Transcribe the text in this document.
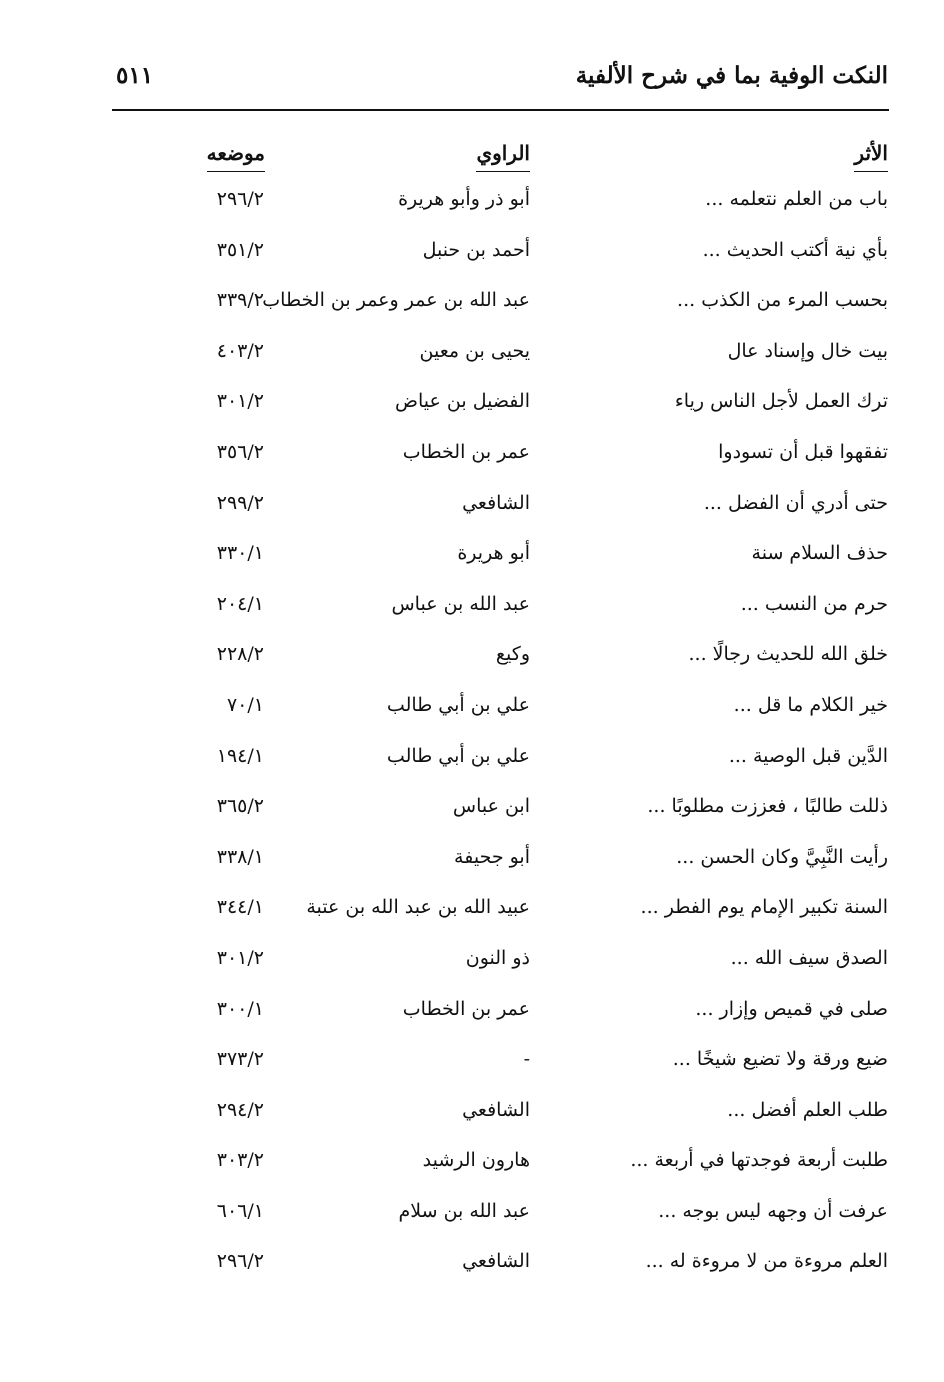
النكت الوفية بما في شرح الألفية
٥١١
الأثر
الراوي
موضعه
باب من العلم نتعلمه ...
أبو ذر وأبو هريرة
٢٩٦/٢
بأي نية أكتب الحديث ...
أحمد بن حنبل
٣٥١/٢
بحسب المرء من الكذب ...
عبد الله بن عمر وعمر بن الخطاب
٣٣٩/٢
بيت خال وإسناد عال
يحيى بن معين
٤٠٣/٢
ترك العمل لأجل الناس رياء
الفضيل بن عياض
٣٠١/٢
تفقهوا قبل أن تسودوا
عمر بن الخطاب
٣٥٦/٢
حتى أدري أن الفضل ...
الشافعي
٢٩٩/٢
حذف السلام سنة
أبو هريرة
٣٣٠/١
حرم من النسب ...
عبد الله بن عباس
٢٠٤/١
خلق الله للحديث رجالًا ...
وكيع
٢٢٨/٢
خير الكلام ما قل ...
علي بن أبي طالب
٧٠/١
الدَّين قبل الوصية ...
علي بن أبي طالب
١٩٤/١
ذللت طالبًا ، فعززت مطلوبًا ...
ابن عباس
٣٦٥/٢
رأيت النَّبِيَّ وكان الحسن ...
أبو جحيفة
٣٣٨/١
السنة تكبير الإمام يوم الفطر ...
عبيد الله بن عبد الله بن عتبة
٣٤٤/١
الصدق سيف الله ...
ذو النون
٣٠١/٢
صلى في قميص وإزار ...
عمر بن الخطاب
٣٠٠/١
ضيع ورقة ولا تضيع شيخًا ...
-
٣٧٣/٢
طلب العلم أفضل ...
الشافعي
٢٩٤/٢
طلبت أربعة فوجدتها في أربعة ...
هارون الرشيد
٣٠٣/٢
عرفت أن وجهه ليس بوجه ...
عبد الله بن سلام
٦٠٦/١
العلم مروءة من لا مروءة له ...
الشافعي
٢٩٦/٢
